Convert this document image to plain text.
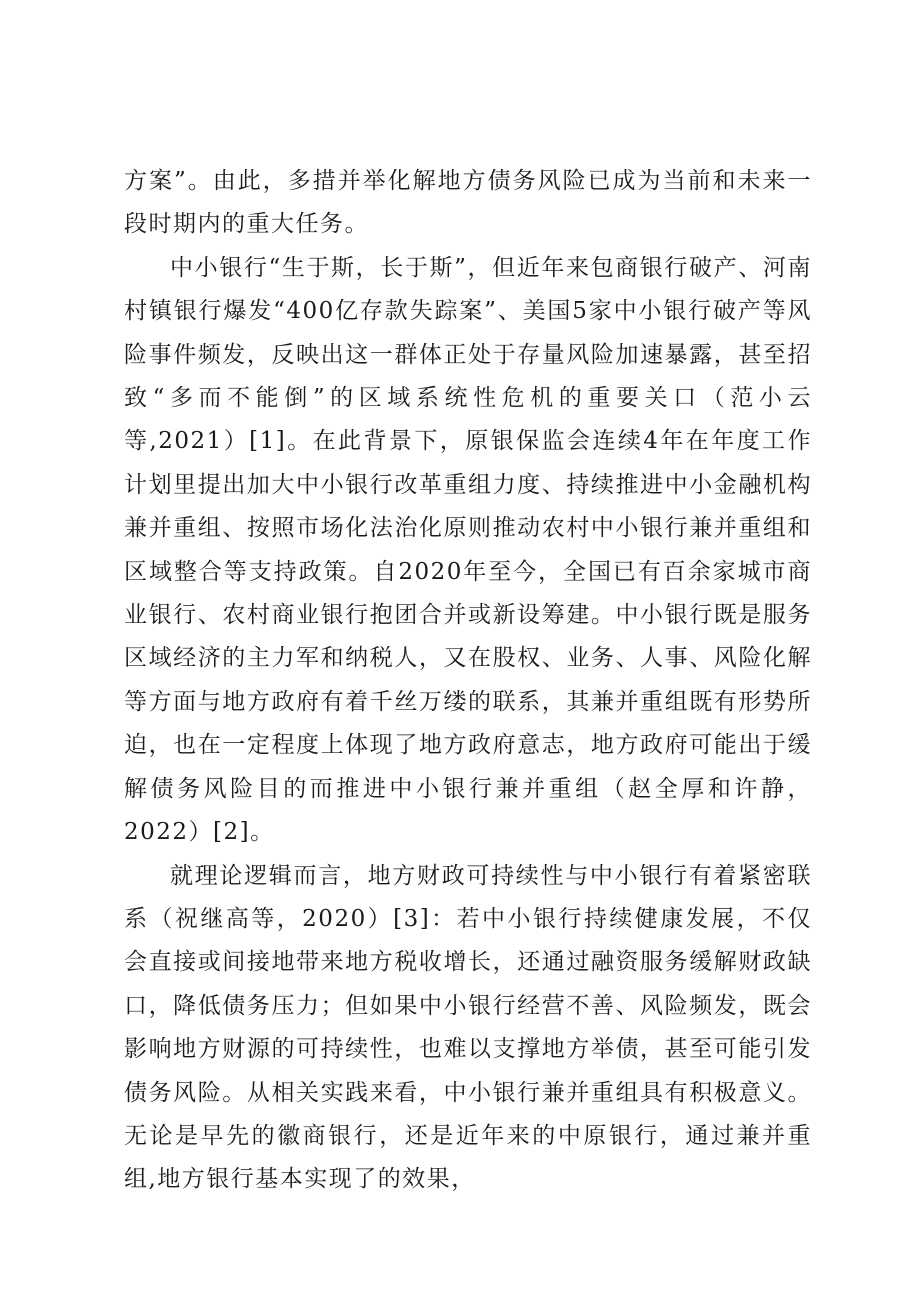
方案”。由此，多措并举化解地方债务风险已成为当前和未来一段时期内的重大任务。

中小银行“生于斯，长于斯”，但近年来包商银行破产、河南村镇银行爆发“400亿存款失踪案”、美国5家中小银行破产等风险事件频发，反映出这一群体正处于存量风险加速暴露，甚至招致“多而不能倒”的区域系统性危机的重要关口（范小云等,2021）[1]。在此背景下，原银保监会连续4年在年度工作计划里提出加大中小银行改革重组力度、持续推进中小金融机构兼并重组、按照市场化法治化原则推动农村中小银行兼并重组和区域整合等支持政策。自2020年至今，全国已有百余家城市商业银行、农村商业银行抱团合并或新设筹建。中小银行既是服务区域经济的主力军和纳税人，又在股权、业务、人事、风险化解等方面与地方政府有着千丝万缕的联系，其兼并重组既有形势所迫，也在一定程度上体现了地方政府意志，地方政府可能出于缓解债务风险目的而推进中小银行兼并重组（赵全厚和许静，2022）[2]。

就理论逻辑而言，地方财政可持续性与中小银行有着紧密联系（祝继高等，2020）[3]：若中小银行持续健康发展，不仅会直接或间接地带来地方税收增长，还通过融资服务缓解财政缺口，降低债务压力；但如果中小银行经营不善、风险频发，既会影响地方财源的可持续性，也难以支撑地方举债，甚至可能引发债务风险。从相关实践来看，中小银行兼并重组具有积极意义。无论是早先的徽商银行，还是近年来的中原银行，通过兼并重组,地方银行基本实现了的效果，
